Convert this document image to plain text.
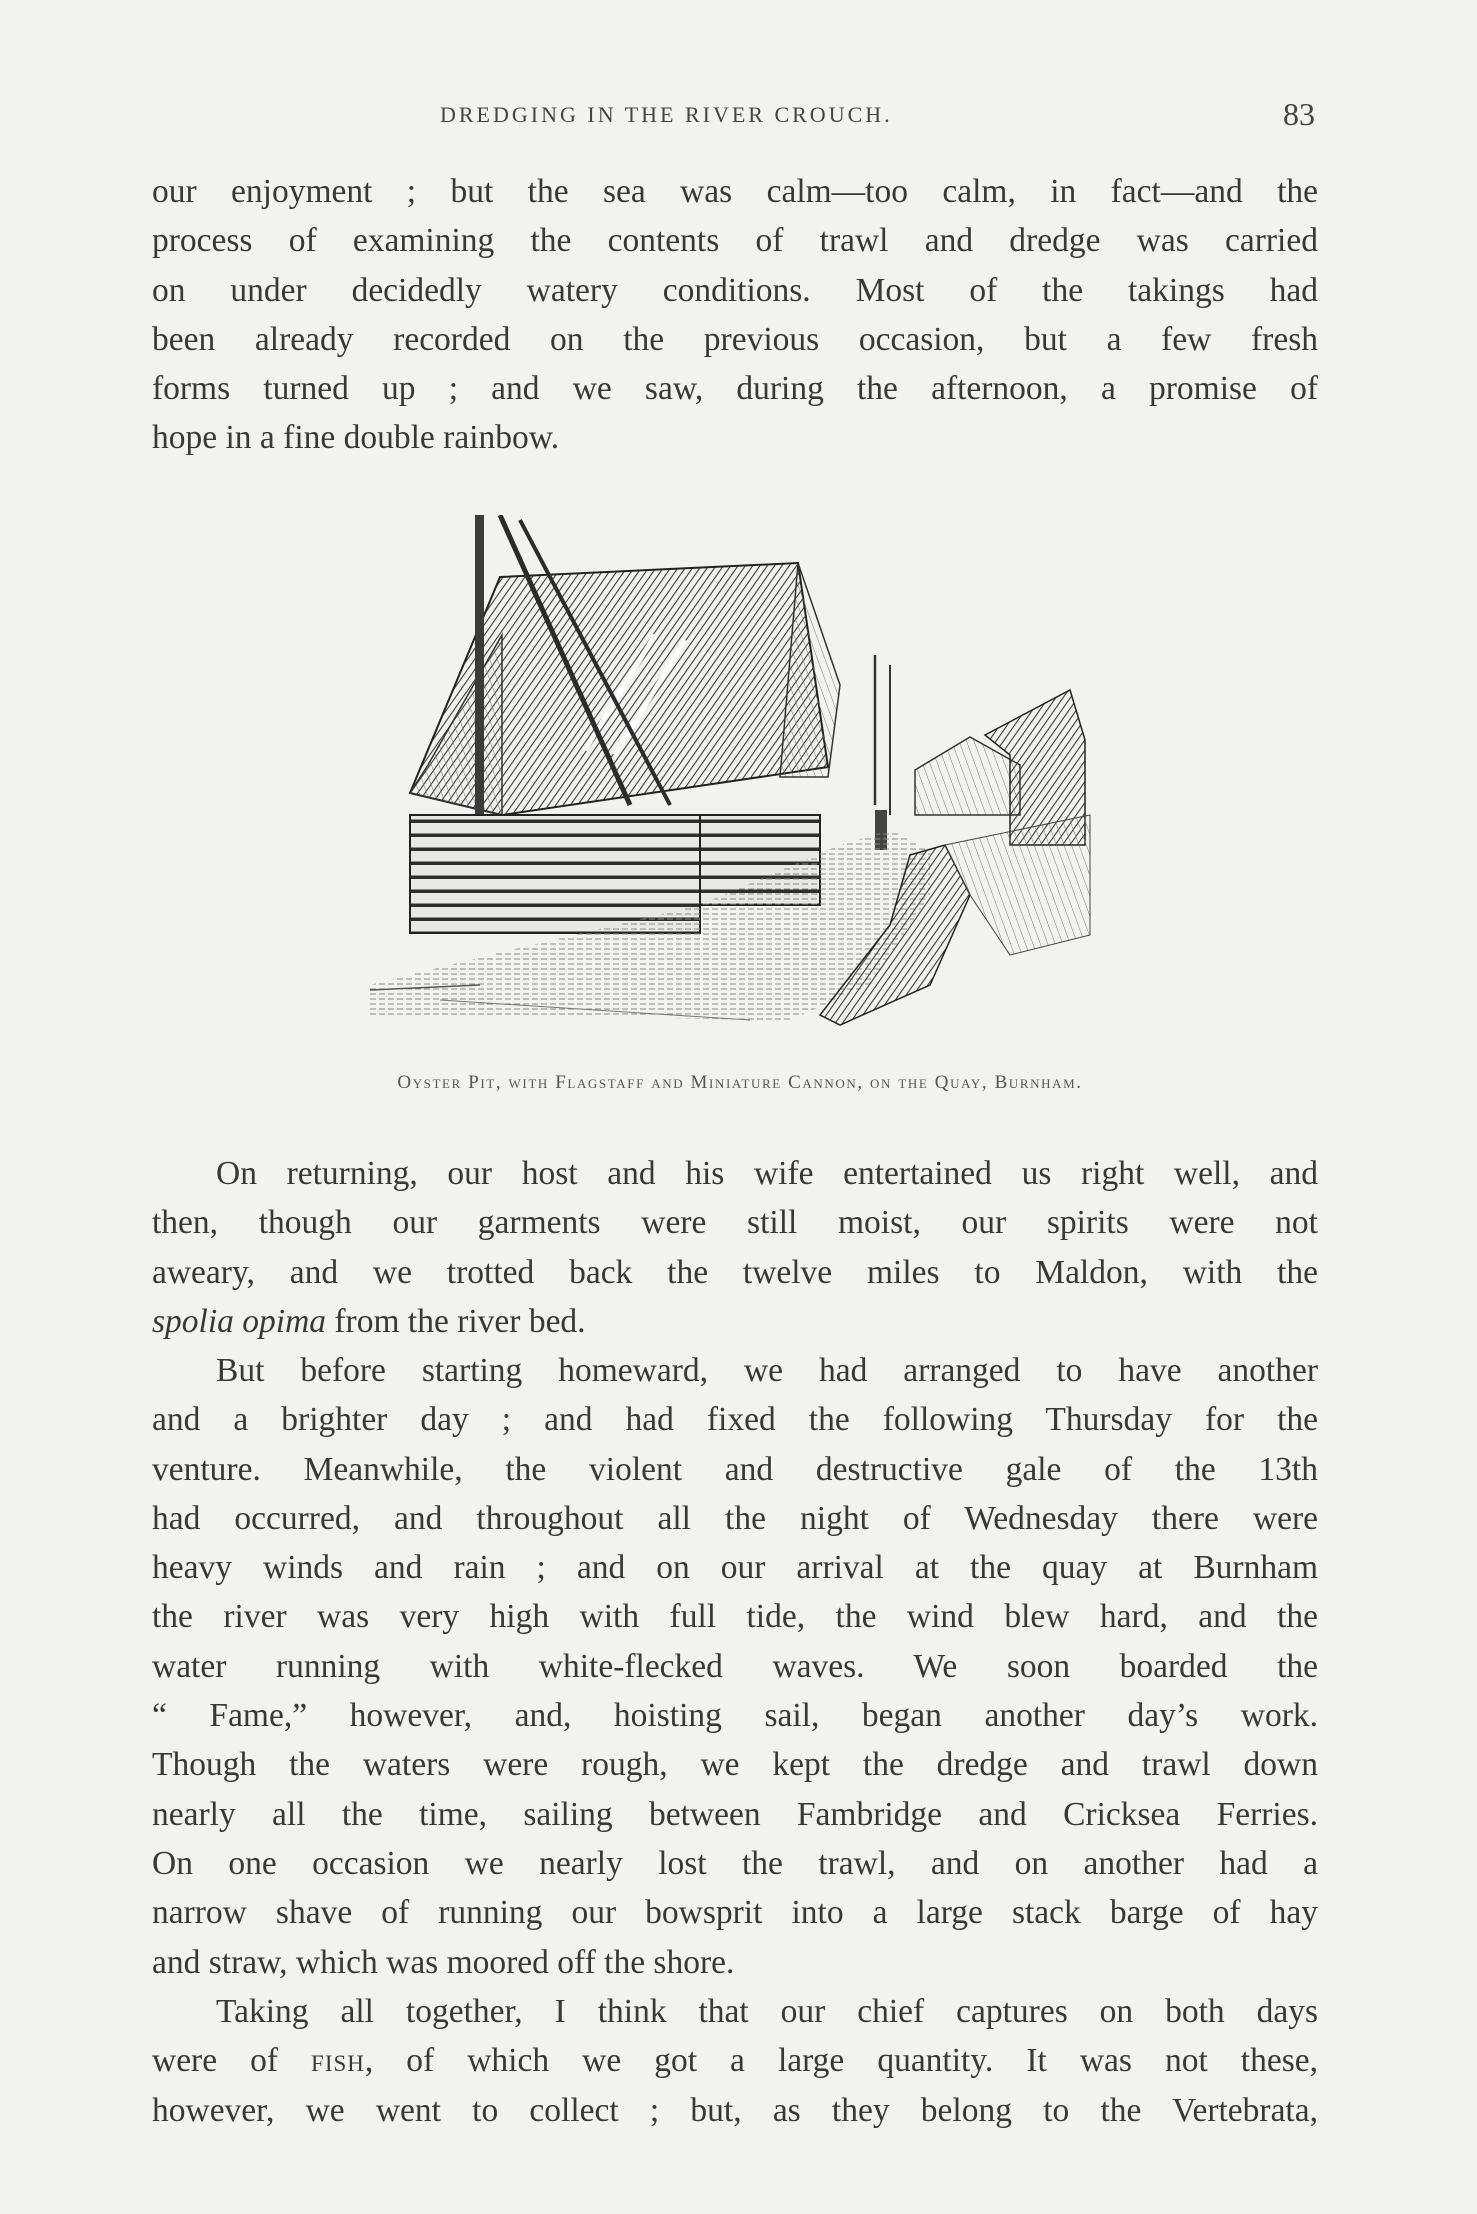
DREDGING IN THE RIVER CROUCH.	83
our enjoyment ; but the sea was calm—too calm, in fact—and the
process of examining the contents of trawl and dredge was carried
on under decidedly watery conditions. Most of the takings had
been already recorded on the previous occasion, but a few fresh
forms turned up ; and we saw, during the afternoon, a promise of
hope in a fine double rainbow.
Oyster Pit, with Flagstaff and Miniature Cannon, on the Quay, Burnham.
On returning, our host and his wife entertained us right well, and
then, though our garments were still moist, our spirits were not
aweary, and we trotted back the twelve miles to Maldon, with the
spolia opima from the river bed.
But before starting homeward, we had arranged to have another
and a brighter day ; and had fixed the following Thursday for the
venture. Meanwhile, the violent and destructive gale of the 13th
had occurred, and throughout all the night of Wednesday there were
heavy winds and rain ; and on our arrival at the quay at Burnham
the river was very high with full tide, the wind blew hard, and the
water running with white-flecked waves. We soon boarded the
“ Fame,” however, and, hoisting sail, began another day’s work.
Though the waters were rough, we kept the dredge and trawl down
nearly all the time, sailing between Fambridge and Cricksea Ferries.
On one occasion we nearly lost the trawl, and on another had a
narrow shave of running our bowsprit into a large stack barge of hay
and straw, which was moored off the shore.
Taking all together, I think that our chief captures on both days
were of fish, of which we got a large quantity. It was not these,
however, we went to collect ; but, as they belong to the Vertebrata,
